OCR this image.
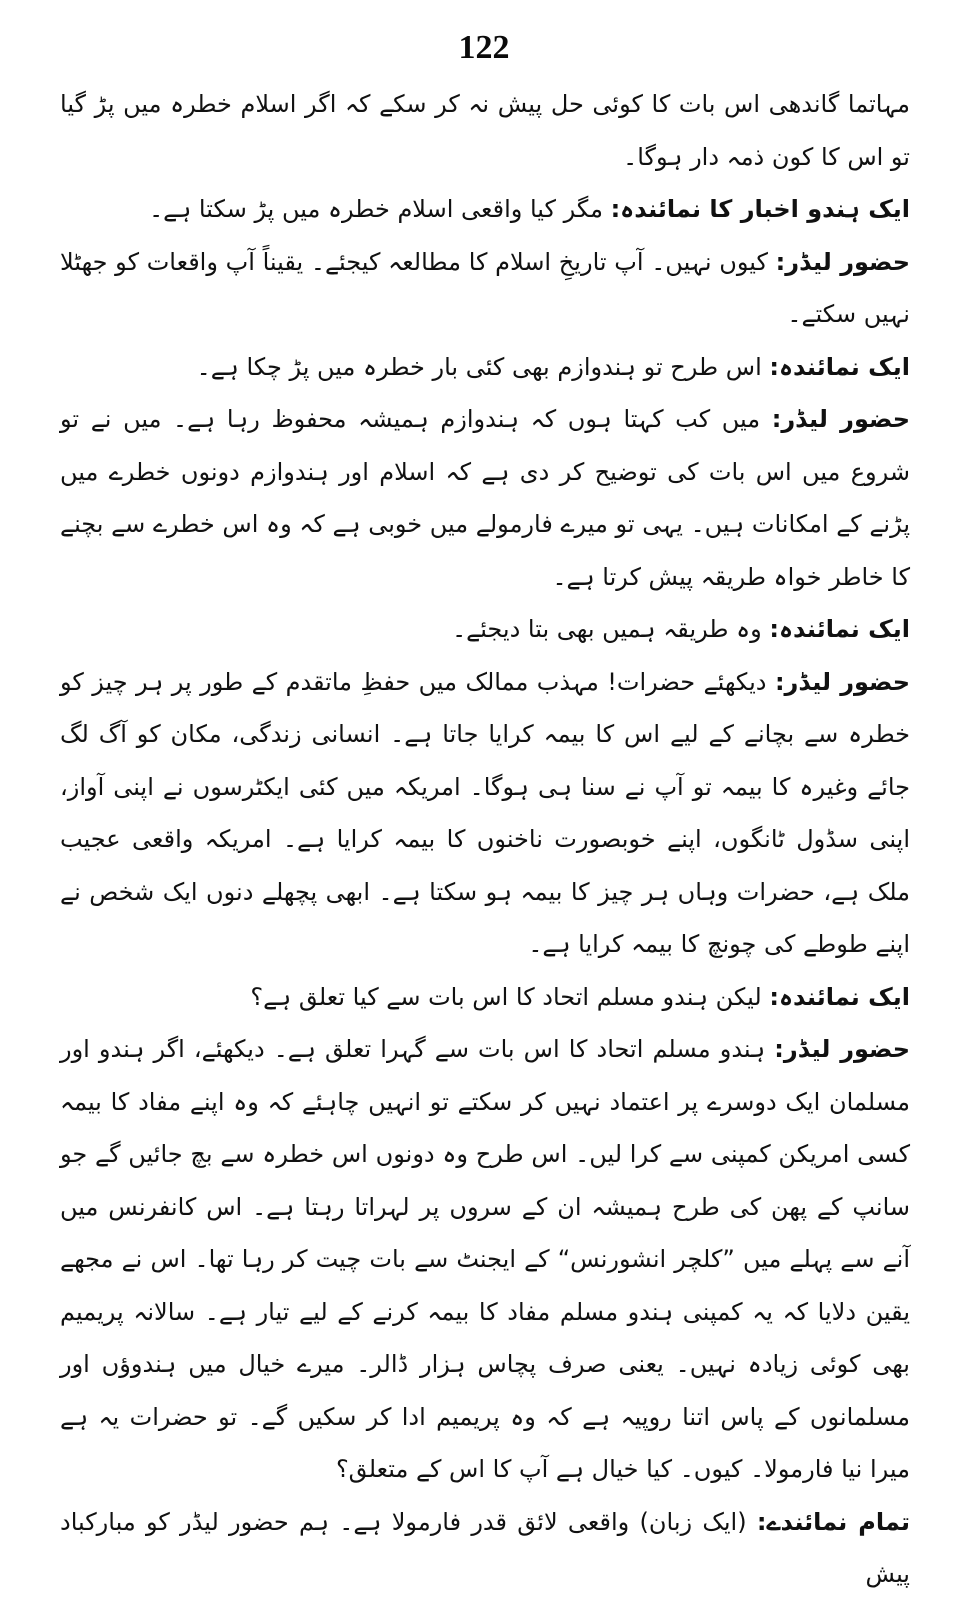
122

مہاتما گاندھی اس بات کا کوئی حل پیش نہ کر سکے کہ اگر اسلام خطرہ میں پڑ گیا تو اس کا کون ذمہ دار ہوگا۔

ایک ہندو اخبار کا نمائندہ: مگر کیا واقعی اسلام خطرہ میں پڑ سکتا ہے۔

حضور لیڈر: کیوں نہیں۔ آپ تاریخِ اسلام کا مطالعہ کیجئے۔ یقیناً آپ واقعات کو جھٹلا نہیں سکتے۔

ایک نمائندہ: اس طرح تو ہندوازم بھی کئی بار خطرہ میں پڑ چکا ہے۔

حضور لیڈر: میں کب کہتا ہوں کہ ہندوازم ہمیشہ محفوظ رہا ہے۔ میں نے تو شروع میں اس بات کی توضیح کر دی ہے کہ اسلام اور ہندوازم دونوں خطرے میں پڑنے کے امکانات ہیں۔ یہی تو میرے فارمولے میں خوبی ہے کہ وہ اس خطرے سے بچنے کا خاطر خواہ طریقہ پیش کرتا ہے۔

ایک نمائندہ: وہ طریقہ ہمیں بھی بتا دیجئے۔

حضور لیڈر: دیکھئے حضرات! مہذب ممالک میں حفظِ ماتقدم کے طور پر ہر چیز کو خطرہ سے بچانے کے لیے اس کا بیمہ کرایا جاتا ہے۔ انسانی زندگی، مکان کو آگ لگ جائے وغیرہ کا بیمہ تو آپ نے سنا ہی ہوگا۔ امریکہ میں کئی ایکٹرسوں نے اپنی آواز، اپنی سڈول ٹانگوں، اپنے خوبصورت ناخنوں کا بیمہ کرایا ہے۔ امریکہ واقعی عجیب ملک ہے، حضرات وہاں ہر چیز کا بیمہ ہو سکتا ہے۔ ابھی پچھلے دنوں ایک شخص نے اپنے طوطے کی چونچ کا بیمہ کرایا ہے۔

ایک نمائندہ: لیکن ہندو مسلم اتحاد کا اس بات سے کیا تعلق ہے؟

حضور لیڈر: ہندو مسلم اتحاد کا اس بات سے گہرا تعلق ہے۔ دیکھئے، اگر ہندو اور مسلمان ایک دوسرے پر اعتماد نہیں کر سکتے تو انہیں چاہئے کہ وہ اپنے مفاد کا بیمہ کسی امریکن کمپنی سے کرا لیں۔ اس طرح وہ دونوں اس خطرہ سے بچ جائیں گے جو سانپ کے پھن کی طرح ہمیشہ ان کے سروں پر لہراتا رہتا ہے۔ اس کانفرنس میں آنے سے پہلے میں ”کلچر انشورنس“ کے ایجنٹ سے بات چیت کر رہا تھا۔ اس نے مجھے یقین دلایا کہ یہ کمپنی ہندو مسلم مفاد کا بیمہ کرنے کے لیے تیار ہے۔ سالانہ پریمیم بھی کوئی زیادہ نہیں۔ یعنی صرف پچاس ہزار ڈالر۔ میرے خیال میں ہندوؤں اور مسلمانوں کے پاس اتنا روپیہ ہے کہ وہ پریمیم ادا کر سکیں گے۔ تو حضرات یہ ہے میرا نیا فارمولا۔ کیوں۔ کیا خیال ہے آپ کا اس کے متعلق؟

تمام نمائندے: (ایک زبان) واقعی لائق قدر فارمولا ہے۔ ہم حضور لیڈر کو مبارکباد پیش
